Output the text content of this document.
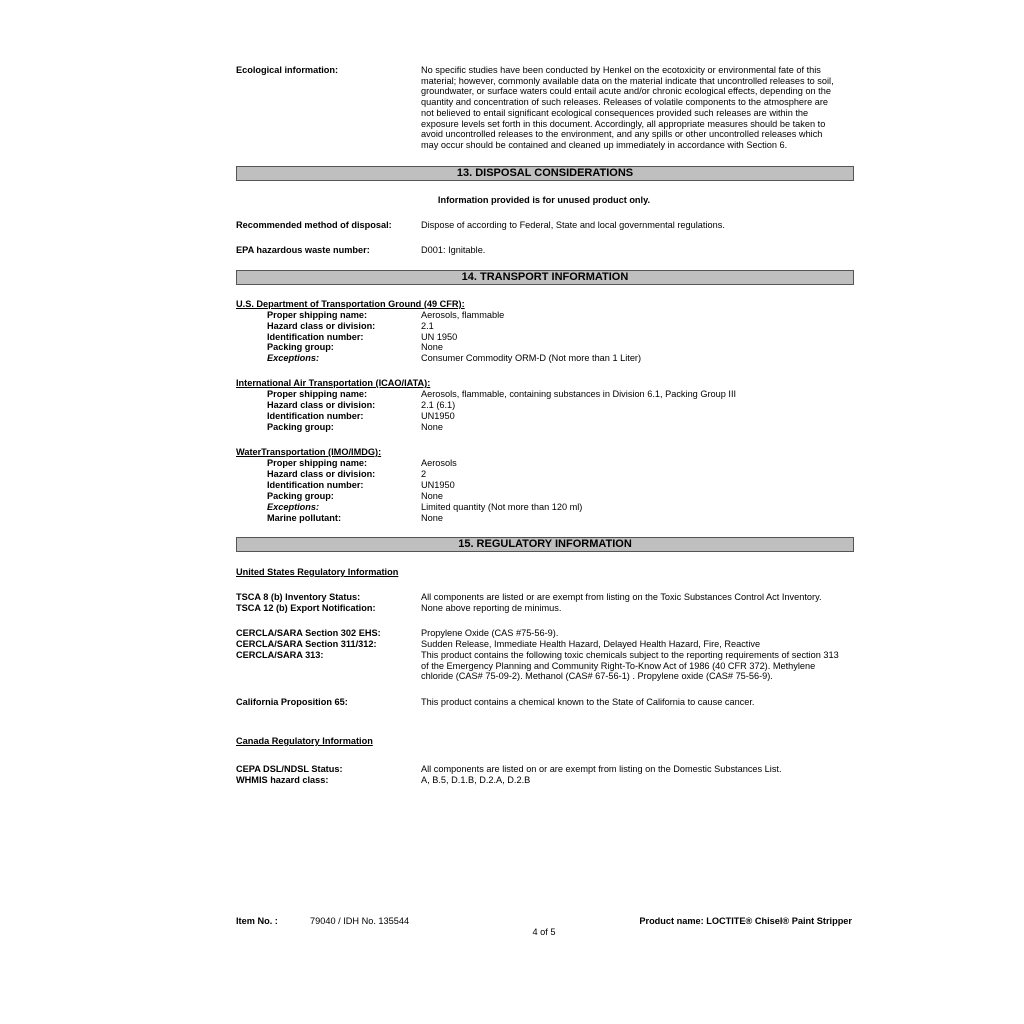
Ecological information:	No specific studies have been conducted by Henkel on the ecotoxicity or environmental fate of this
material; however, commonly available data on the material indicate that uncontrolled releases to soil,
groundwater, or surface waters could entail acute and/or chronic ecological effects, depending on the
quantity and concentration of such releases. Releases of volatile components to the atmosphere are
not believed to entail significant ecological consequences provided such releases are within the
exposure levels set forth in this document. Accordingly, all appropriate measures should be taken to
avoid uncontrolled releases to the environment, and any spills or other uncontrolled releases which
may occur should be contained and cleaned up immediately in accordance with Section 6.
13. DISPOSAL CONSIDERATIONS
Information provided is for unused product only.
Recommended method of disposal:	Dispose of according to Federal, State and local governmental regulations.
EPA hazardous waste number:	D001: Ignitable.
14. TRANSPORT INFORMATION
U.S. Department of Transportation Ground (49 CFR):
Proper shipping name:	Aerosols, flammable
Hazard class or division:	2.1
Identification number:	UN 1950
Packing group:	None
Exceptions:	Consumer Commodity ORM-D (Not more than 1 Liter)
International Air Transportation (ICAO/IATA):
Proper shipping name:	Aerosols, flammable, containing substances in Division 6.1, Packing Group III
Hazard class or division:	2.1 (6.1)
Identification number:	UN1950
Packing group:	None
WaterTransportation (IMO/IMDG):
Proper shipping name:	Aerosols
Hazard class or division:	2
Identification number:	UN1950
Packing group:	None
Exceptions:	Limited quantity (Not more than 120 ml)
Marine pollutant:	None
15. REGULATORY INFORMATION
United States Regulatory Information
TSCA 8 (b) Inventory Status:	All components are listed or are exempt from listing on the Toxic Substances Control Act Inventory.
TSCA 12 (b) Export Notification:	None above reporting de minimus.
CERCLA/SARA Section 302 EHS:	Propylene Oxide (CAS #75-56-9).
CERCLA/SARA Section 311/312:	Sudden Release, Immediate Health Hazard, Delayed Health Hazard, Fire, Reactive
CERCLA/SARA 313:	This product contains the following toxic chemicals subject to the reporting requirements of section 313
of the Emergency Planning and Community Right-To-Know Act of 1986 (40 CFR 372). Methylene
chloride (CAS# 75-09-2). Methanol (CAS# 67-56-1) . Propylene oxide (CAS# 75-56-9).
California Proposition 65:	This product contains a chemical known to the State of California to cause cancer.
Canada Regulatory Information
CEPA DSL/NDSL Status:	All components are listed on or are exempt from listing on the Domestic Substances List.
WHMIS hazard class:	A, B.5, D.1.B, D.2.A, D.2.B
Item No. :	79040 / IDH No. 135544	Product name: LOCTITE® Chisel® Paint Stripper
4 of 5
